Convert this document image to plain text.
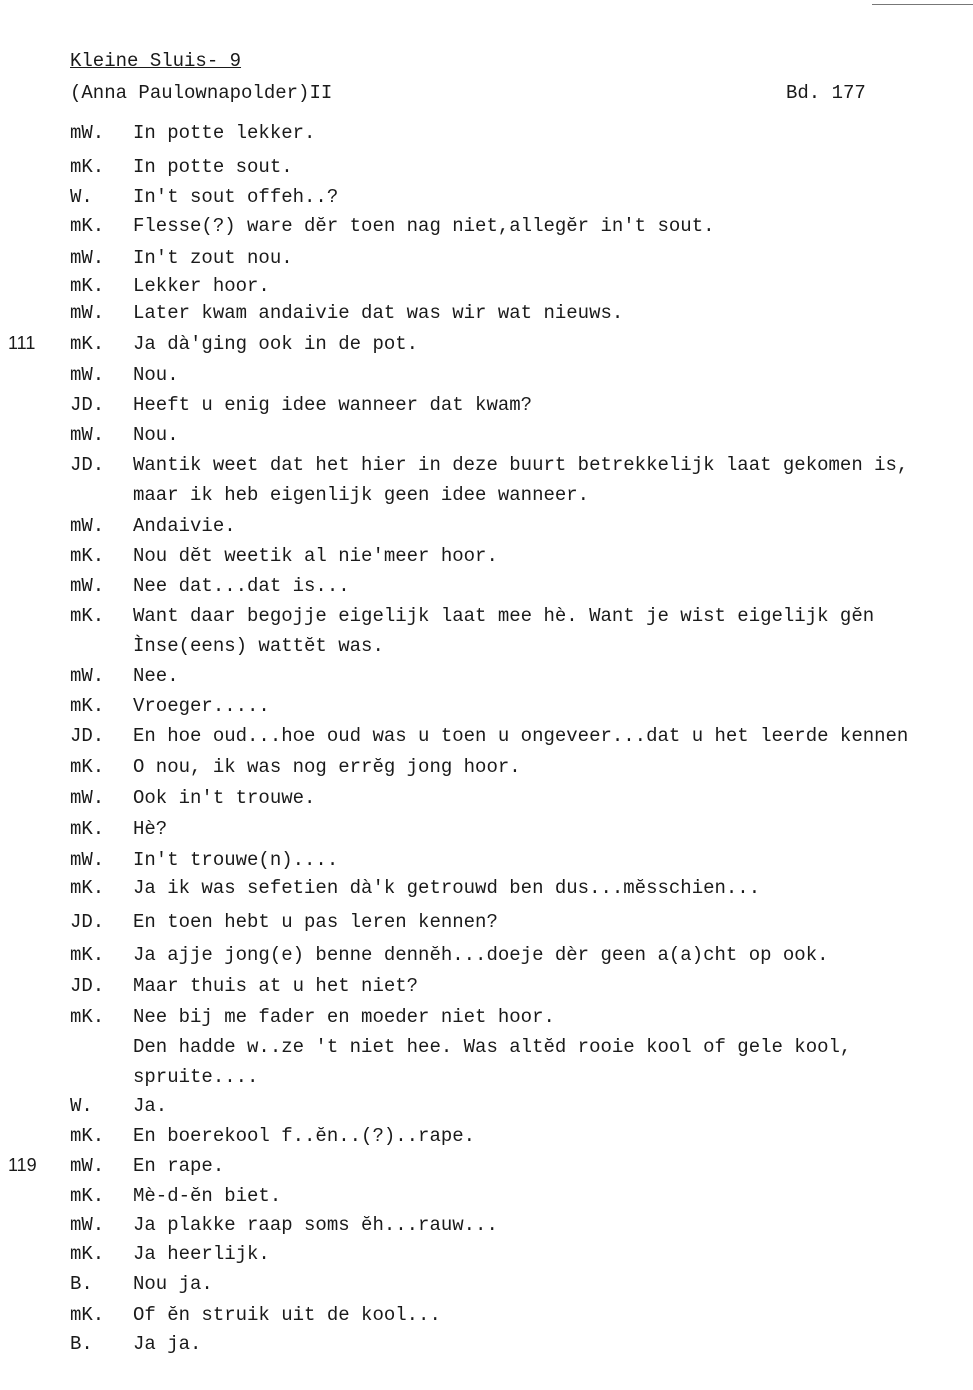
Kleine Sluis- 9
(Anna Paulownapolder)II	Bd. 177
mW. In potte lekker.
mK. In potte sout.
W. In't sout offeh..?
mK. Flesse(?) ware dĕr toen nag niet,allegĕr in't sout.
mW. In't zout nou.
mK. Lekker hoor.
mW. Later kwam andaivie dat was wir wat nieuws.
111 mK. Ja dà'ging ook in de pot.
mW. Nou.
JD. Heeft u enig idee wanneer dat kwam?
mW. Nou.
JD. Wantik weet dat het hier in deze buurt betrekkelijk laat gekomen is,
maar ik heb eigenlijk geen idee wanneer.
mW. Andaivie.
mK. Nou dĕt weetik al nie'meer hoor.
mW. Nee dat...dat is...
mK. Want daar begojje eigelijk laat mee hè. Want je wist eigelijk gĕn
Ìnse(eens) wattĕt was.
mW. Nee.
mK. Vroeger.....
JD. En hoe oud...hoe oud was u toen u ongeveer...dat u het leerde kennen
mK. O nou, ik was nog errĕg jong hoor.
mW. Ook in't trouwe.
mK. Hè?
mW. In't trouwe(n)....
mK. Ja ik was sefetien dà'k getrouwd ben dus...mĕsschien...
JD. En toen hebt u pas leren kennen?
mK. Ja ajje jong(e) benne dennĕh...doeje dèr geen a(a)cht op ook.
JD. Maar thuis at u het niet?
mK. Nee bij me fader en moeder niet hoor.
Den hadde w..ze 't niet hee. Was altĕd rooie kool of gele kool,
spruite....
W. Ja.
mK. En boerekool f..ĕn..(?)..rape.
119 mW. En rape.
mK. Mè-d-ĕn biet.
mW. Ja plakke raap soms ĕh...rauw...
mK. Ja heerlijk.
B. Nou ja.
mK. Of ĕn struik uit de kool...
B. Ja ja.
